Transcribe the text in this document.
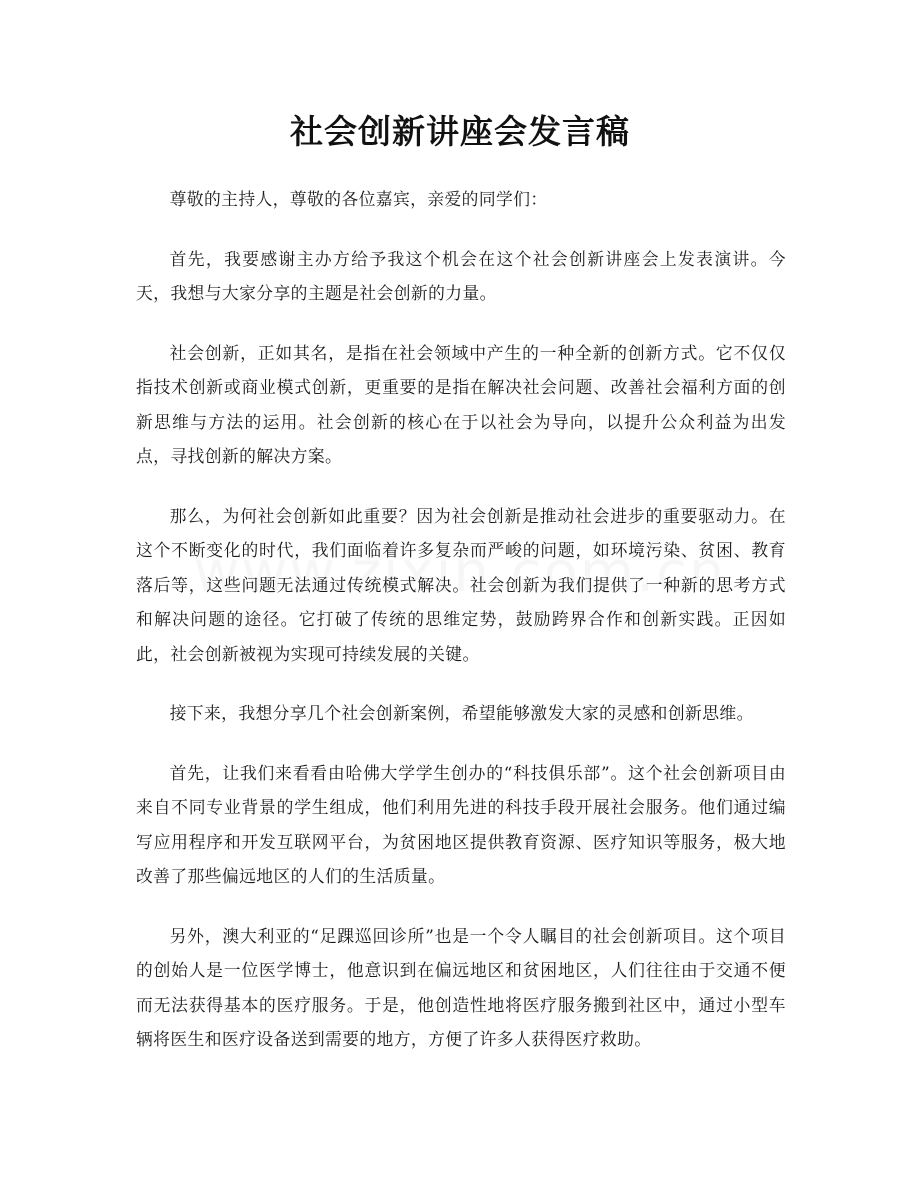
社会创新讲座会发言稿

尊敬的主持人，尊敬的各位嘉宾，亲爱的同学们：

首先，我要感谢主办方给予我这个机会在这个社会创新讲座会上发表演讲。今天，我想与大家分享的主题是社会创新的力量。

社会创新，正如其名，是指在社会领域中产生的一种全新的创新方式。它不仅仅指技术创新或商业模式创新，更重要的是指在解决社会问题、改善社会福利方面的创新思维与方法的运用。社会创新的核心在于以社会为导向，以提升公众利益为出发点，寻找创新的解决方案。

那么，为何社会创新如此重要？因为社会创新是推动社会进步的重要驱动力。在这个不断变化的时代，我们面临着许多复杂而严峻的问题，如环境污染、贫困、教育落后等，这些问题无法通过传统模式解决。社会创新为我们提供了一种新的思考方式和解决问题的途径。它打破了传统的思维定势，鼓励跨界合作和创新实践。正因如此，社会创新被视为实现可持续发展的关键。

接下来，我想分享几个社会创新案例，希望能够激发大家的灵感和创新思维。

首先，让我们来看看由哈佛大学学生创办的“科技俱乐部”。这个社会创新项目由来自不同专业背景的学生组成，他们利用先进的科技手段开展社会服务。他们通过编写应用程序和开发互联网平台，为贫困地区提供教育资源、医疗知识等服务，极大地改善了那些偏远地区的人们的生活质量。

另外，澳大利亚的“足踝巡回诊所”也是一个令人瞩目的社会创新项目。这个项目的创始人是一位医学博士，他意识到在偏远地区和贫困地区，人们往往由于交通不便而无法获得基本的医疗服务。于是，他创造性地将医疗服务搬到社区中，通过小型车辆将医生和医疗设备送到需要的地方，方便了许多人获得医疗救助。
